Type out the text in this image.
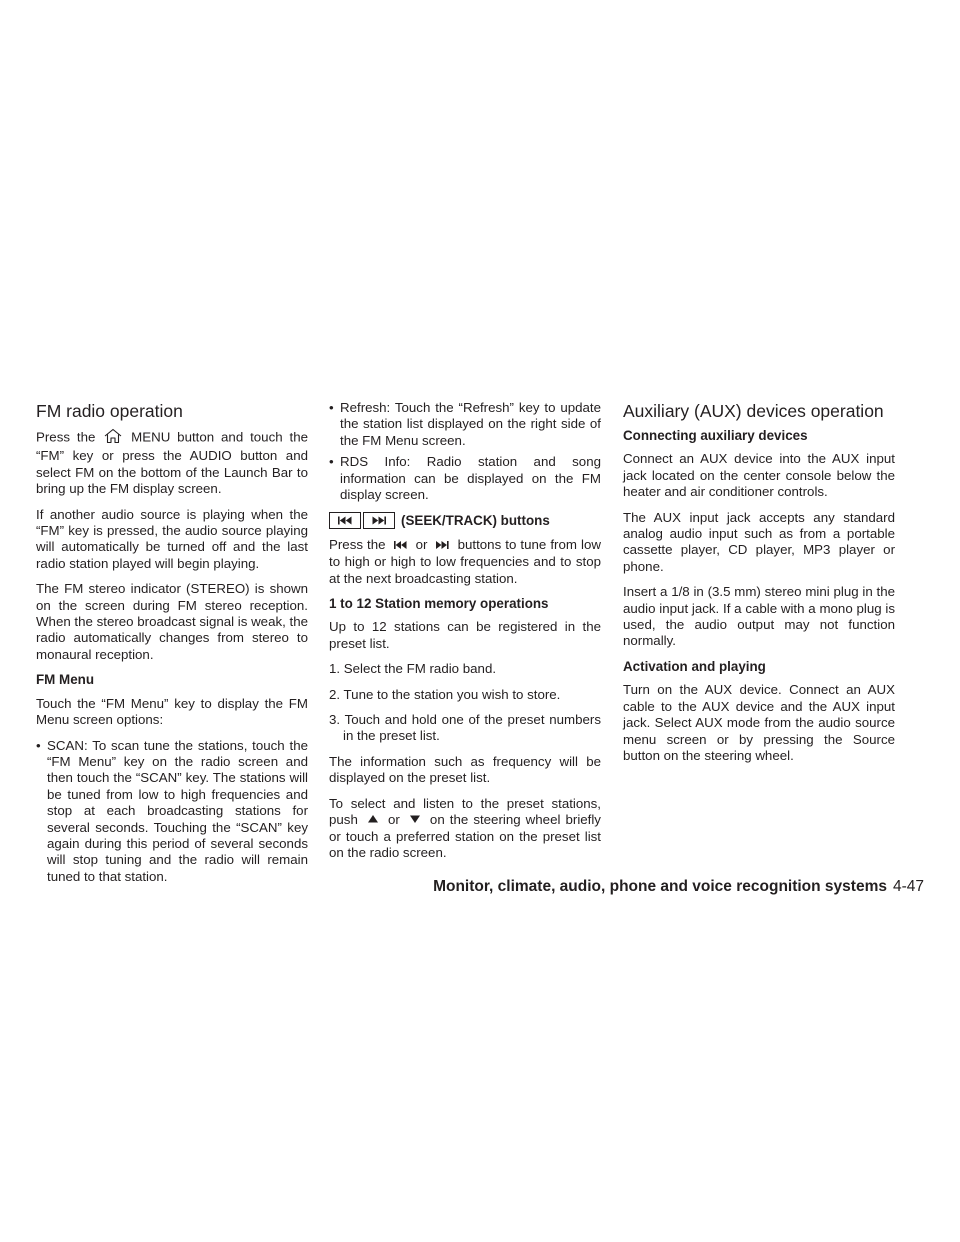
FM radio operation

Press the	MENU button and touch the “FM” key or press the AUDIO button and select FM on the bottom of the Launch Bar to bring up the FM display screen.

If another audio source is playing when the “FM” key is pressed, the audio source playing will automatically be turned off and the last radio station played will begin playing.

The FM stereo indicator (STEREO) is shown on the screen during FM stereo reception. When the stereo broadcast signal is weak, the radio automatically changes from stereo to monaural reception.

FM Menu

Touch the “FM Menu” key to display the FM Menu screen options:

• SCAN: To scan tune the stations, touch the “FM Menu” key on the radio screen and then touch the “SCAN” key. The stations will be tuned from low to high frequencies and stop at each broadcasting stations for several seconds. Touching the “SCAN” key again during this period of several seconds will stop tuning and the radio will remain tuned to that station.
• Refresh: Touch the “Refresh” key to update the station list displayed on the right side of the FM Menu screen.
• RDS Info: Radio station and song information can be displayed on the FM display screen.
(SEEK/TRACK) buttons

Press the or buttons to tune from low to high or high to low frequencies and to stop at the next broadcasting station.

1 to 12 Station memory operations

Up to 12 stations can be registered in the preset list.

1. Select the FM radio band.
2. Tune to the station you wish to store.
3. Touch and hold one of the preset numbers in the preset list.

The information such as frequency will be displayed on the preset list.

To select and listen to the preset stations, push or on the steering wheel briefly or touch a preferred station on the preset list on the radio screen.

Auxiliary (AUX) devices operation
Connecting auxiliary devices

Connect an AUX device into the AUX input jack located on the center console below the heater and air conditioner controls.

The AUX input jack accepts any standard analog audio input such as from a portable cassette player, CD player, MP3 player or phone.

Insert a 1/8 in (3.5 mm) stereo mini plug in the audio input jack. If a cable with a mono plug is used, the audio output may not function normally.

Activation and playing

Turn on the AUX device. Connect an AUX cable to the AUX device and the AUX input jack. Select AUX mode from the audio source menu screen or by pressing the Source button on the steering wheel.

Monitor, climate, audio, phone and voice recognition systems 4-47
